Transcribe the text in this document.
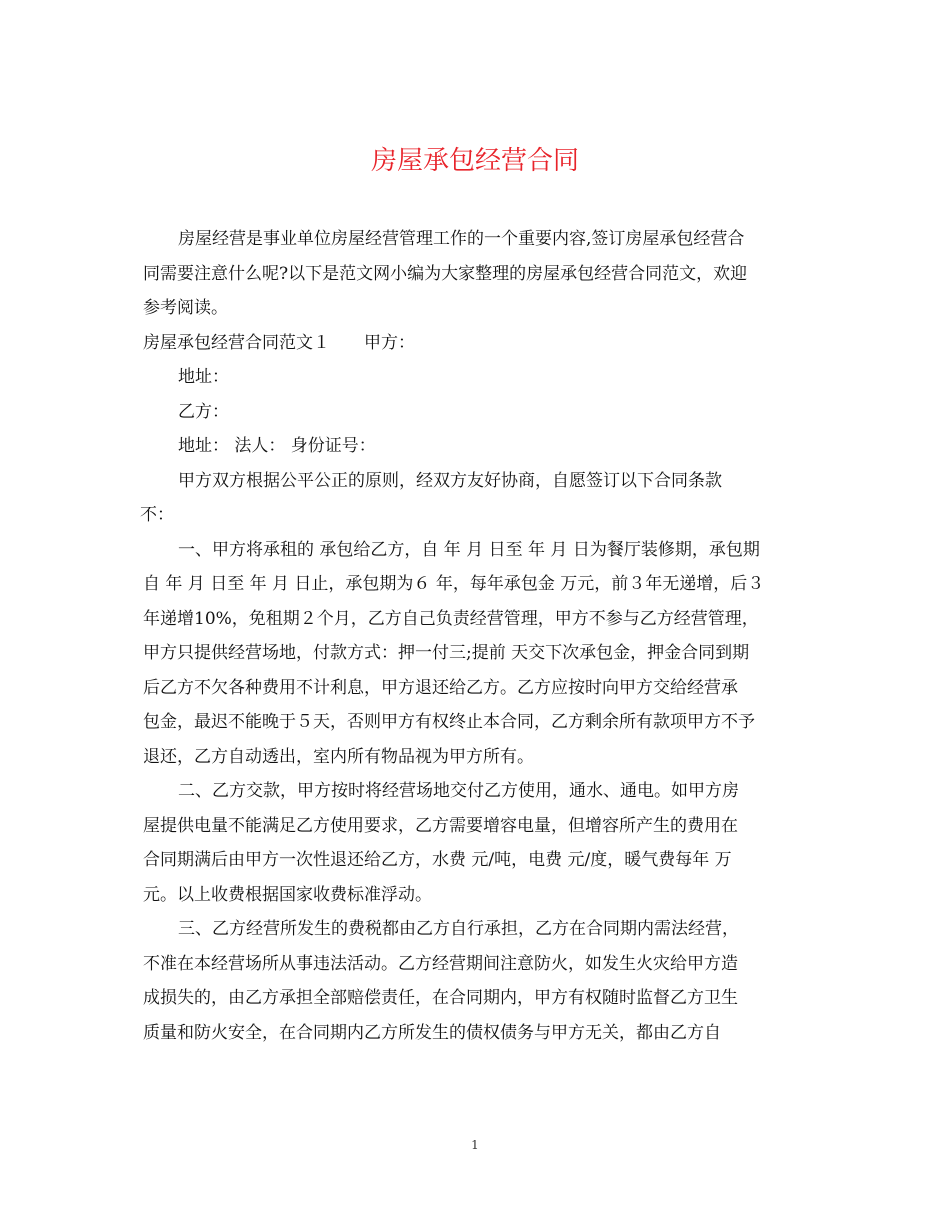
房屋承包经营合同

房屋经营是事业单位房屋经营管理工作的一个重要内容,签订房屋承包经营合

同需要注意什么呢?以下是范文网小编为大家整理的房屋承包经营合同范文，欢迎

参考阅读。

房屋承包经营合同范文１ 甲方：

地址：

乙方：

地址： 法人： 身份证号：

甲方双方根据公平公正的原则，经双方友好协商，自愿签订以下合同条款

不：

一、甲方将承租的 承包给乙方，自 年 月 日至 年 月 日为餐厅装修期，承包期

自 年 月 日至 年 月 日止，承包期为６ 年，每年承包金 万元，前３年无递增，后３

年递增10%，免租期２个月，乙方自己负责经营管理，甲方不参与乙方经营管理，

甲方只提供经营场地，付款方式：押一付三;提前 天交下次承包金，押金合同到期

后乙方不欠各种费用不计利息，甲方退还给乙方。乙方应按时向甲方交给经营承

包金，最迟不能晚于５天，否则甲方有权终止本合同，乙方剩余所有款项甲方不予

退还，乙方自动透出，室内所有物品视为甲方所有。

二、乙方交款，甲方按时将经营场地交付乙方使用，通水、通电。如甲方房

屋提供电量不能满足乙方使用要求，乙方需要增容电量，但增容所产生的费用在

合同期满后由甲方一次性退还给乙方，水费 元/吨，电费 元/度，暖气费每年 万

元。以上收费根据国家收费标准浮动。

三、乙方经营所发生的费税都由乙方自行承担，乙方在合同期内需法经营，

不准在本经营场所从事违法活动。乙方经营期间注意防火，如发生火灾给甲方造

成损失的，由乙方承担全部赔偿责任，在合同期内，甲方有权随时监督乙方卫生

质量和防火安全，在合同期内乙方所发生的债权债务与甲方无关，都由乙方自

1
